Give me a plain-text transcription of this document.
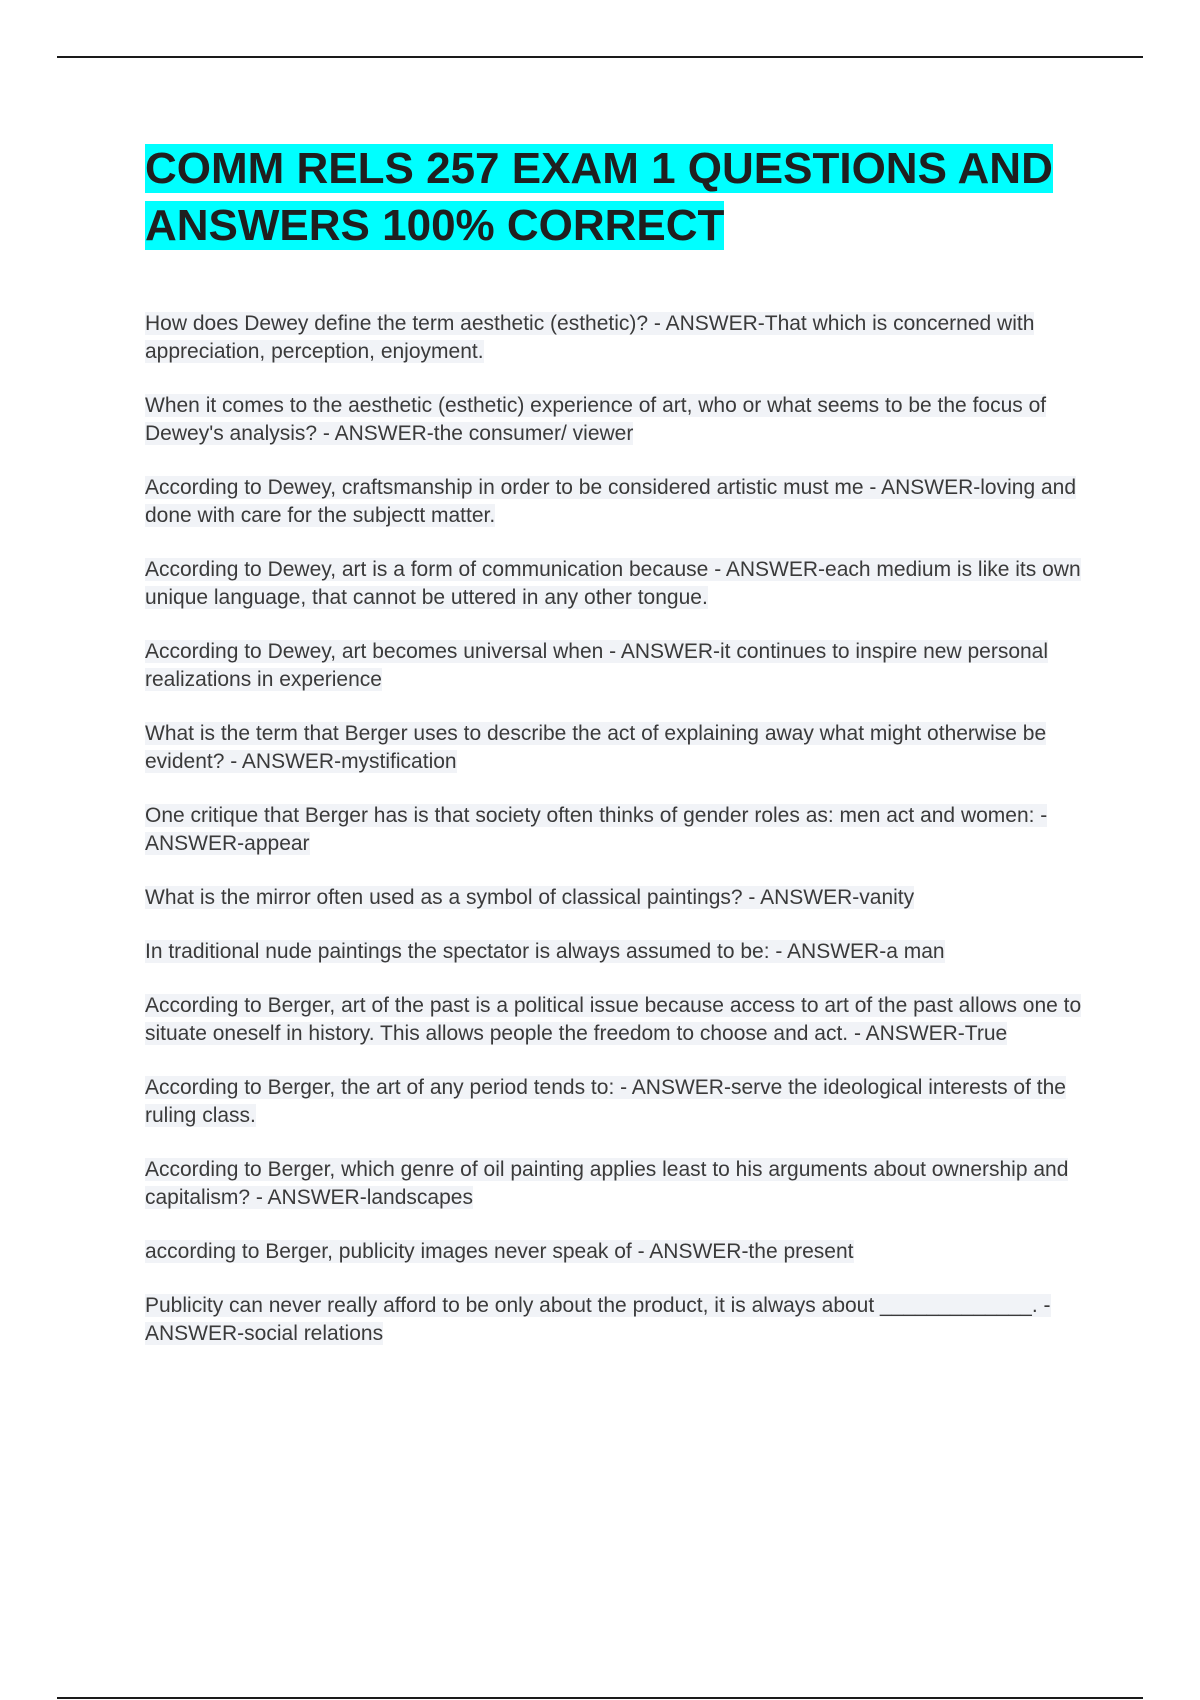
COMM RELS 257 EXAM 1 QUESTIONS AND ANSWERS 100% CORRECT

How does Dewey define the term aesthetic (esthetic)? - ANSWER-That which is concerned with appreciation, perception, enjoyment.

When it comes to the aesthetic (esthetic) experience of art, who or what seems to be the focus of Dewey's analysis? - ANSWER-the consumer/ viewer

According to Dewey, craftsmanship in order to be considered artistic must me - ANSWER-loving and done with care for the subjectt matter.

According to Dewey, art is a form of communication because - ANSWER-each medium is like its own unique language, that cannot be uttered in any other tongue.

According to Dewey, art becomes universal when - ANSWER-it continues to inspire new personal realizations in experience

What is the term that Berger uses to describe the act of explaining away what might otherwise be evident? - ANSWER-mystification

One critique that Berger has is that society often thinks of gender roles as: men act and women: - ANSWER-appear

What is the mirror often used as a symbol of classical paintings? - ANSWER-vanity

In traditional nude paintings the spectator is always assumed to be: - ANSWER-a man

According to Berger, art of the past is a political issue because access to art of the past allows one to situate oneself in history. This allows people the freedom to choose and act. - ANSWER-True

According to Berger, the art of any period tends to: - ANSWER-serve the ideological interests of the ruling class.

According to Berger, which genre of oil painting applies least to his arguments about ownership and capitalism? - ANSWER-landscapes

according to Berger, publicity images never speak of - ANSWER-the present

Publicity can never really afford to be only about the product, it is always about _____________. - ANSWER-social relations
